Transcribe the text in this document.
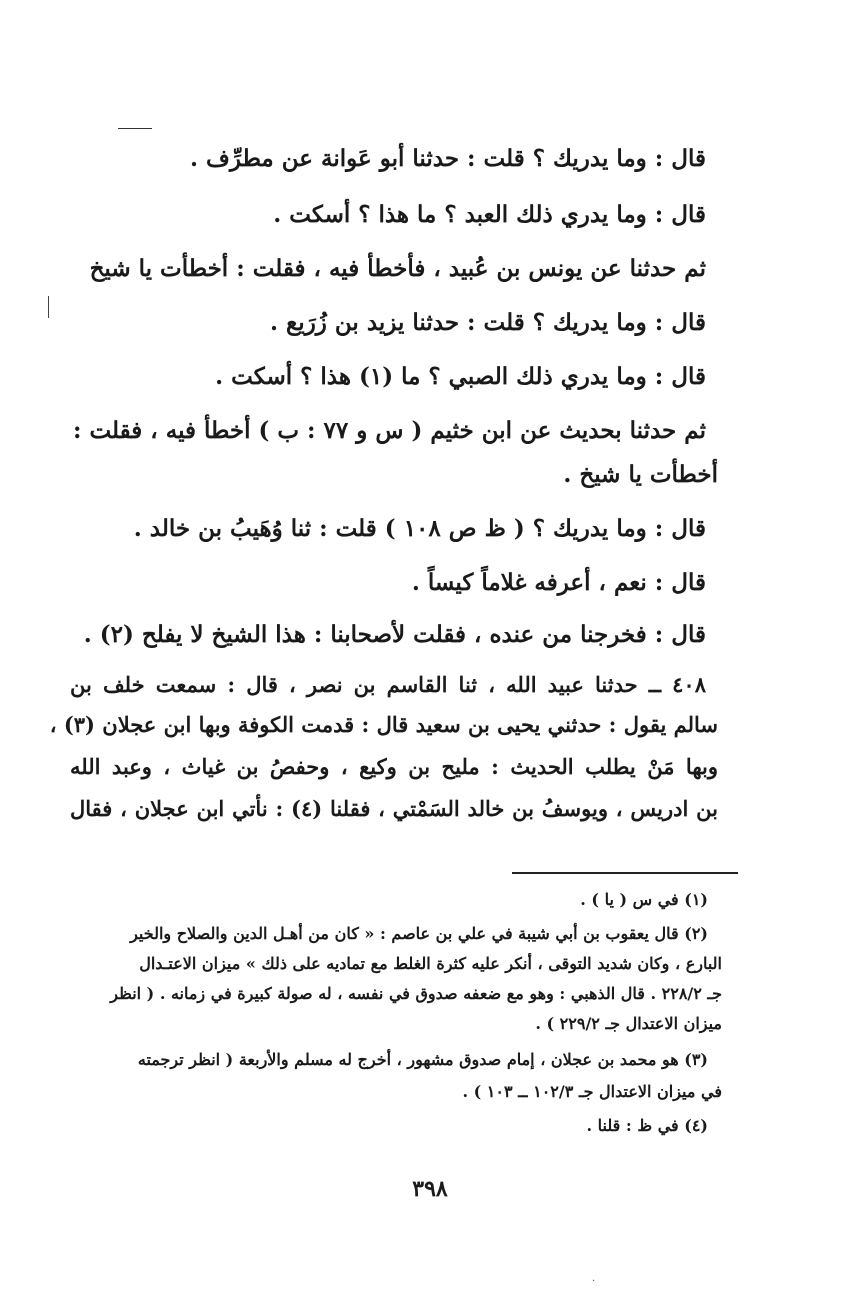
قال : وما يدريك ؟ قلت : حدثنا أبو عَوانة عن مطرِّف .
قال : وما يدري ذلك العبد ؟ ما هذا ؟ أسكت .
ثم حدثنا عن يونس بن عُبيد ، فأخطأ فيه ، فقلت : أخطأت يا شيخ
قال : وما يدريك ؟ قلت : حدثنا يزيد بن زُرَيع .
قال : وما يدري ذلك الصبي ؟ ما (١) هذا ؟ أسكت .
ثم حدثنا بحديث عن ابن خثيم ( س و ٧٧ : ب ) أخطأ فيه ، فقلت :
أخطأت يا شيخ .
قال : وما يدريك ؟ ( ظ ص ١٠٨ ) قلت : ثنا وُهَيبُ بن خالد .
قال : نعم ، أعرفه غلاماً كيساً .
قال : فخرجنا من عنده ، فقلت لأصحابنا : هذا الشيخ لا يفلح (٢) .
٤٠٨ ــ حدثنا عبيد الله ، ثنا القاسم بن نصر ، قال : سمعت خلف بن
سالم يقول : حدثني يحيى بن سعيد قال : قدمت الكوفة وبها ابن عجلان (٣) ،
وبها مَنْ يطلب الحديث : مليح بن وكيع ، وحفصُ بن غياث ، وعبد الله
بن ادريس ، ويوسفُ بن خالد السَمْتي ، فقلنا (٤) : نأتي ابن عجلان ، فقال
(١) في س ( يا ) .
(٢) قال يعقوب بن أبي شيبة في علي بن عاصم : « كان من أهـل الدين والصلاح والخير
البارع ، وكان شديد التوقى ، أنكر عليه كثرة الغلط مع تماديه على ذلك » ميزان الاعتـدال
جـ ٢٢٨/٢ . قال الذهبي : وهو مع ضعفه صدوق في نفسه ، له صولة كبيرة في زمانه . ( انظر
ميزان الاعتدال جـ ٢٢٩/٢ ) .
(٣) هو محمد بن عجلان ، إمام صدوق مشهور ، أخرج له مسلم والأربعة ( انظر ترجمته
في ميزان الاعتدال جـ ١٠٢/٣ ــ ١٠٣ ) .
(٤) في ظ : قلنا .
٣٩٨
·
